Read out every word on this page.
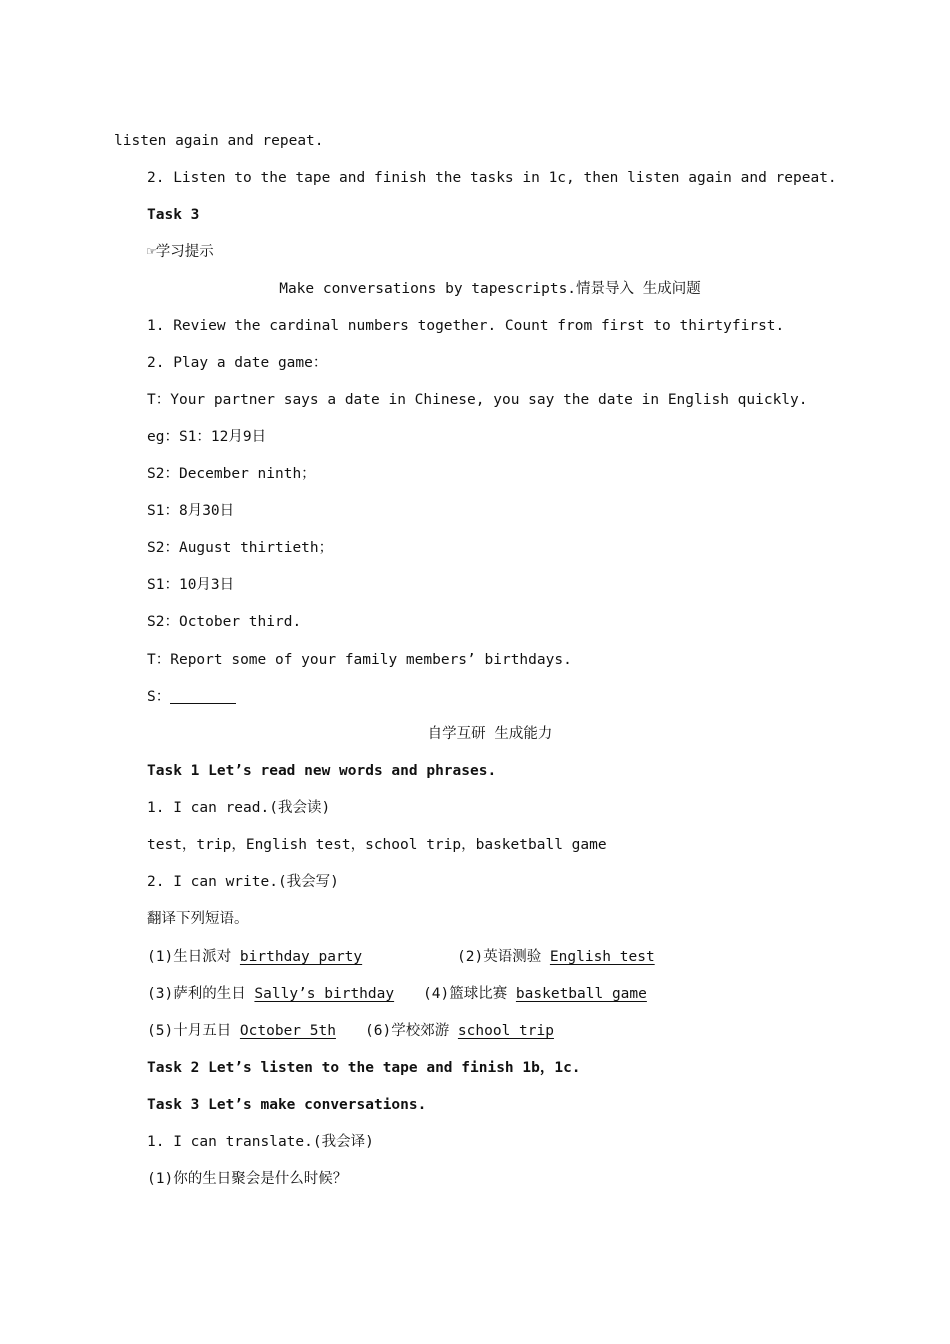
listen again and repeat.
2. Listen to the tape and finish the tasks in 1c, then listen again and repeat.
Task 3
☞学习提示
Make conversations by tapescripts.情景导入 生成问题
1. Review the cardinal numbers together. Count from first to thirtyfirst.
2. Play a date game：
T：Your partner says a date in Chinese, you say the date in English quickly.
eg：S1：12月9日
S2：December ninth；
S1：8月30日
S2：August thirtieth；
S1：10月3日
S2：October third.
T：Report some of your family members’ birthdays.
S：
自学互研 生成能力
Task 1 Let’s read new words and phrases.
1. I can read.(我会读)
test，trip，English test，school trip，basketball game
2. I can write.(我会写)
翻译下列短语。
(1)生日派对 birthday party	(2)英语测验 English test
(3)萨利的生日 Sally’s birthday (4)篮球比赛 basketball game
(5)十月五日 October 5th (6)学校郊游 school trip
Task 2 Let’s listen to the tape and finish 1b，1c.
Task 3 Let’s make conversations.
1. I can translate.(我会译)
(1)你的生日聚会是什么时候？
